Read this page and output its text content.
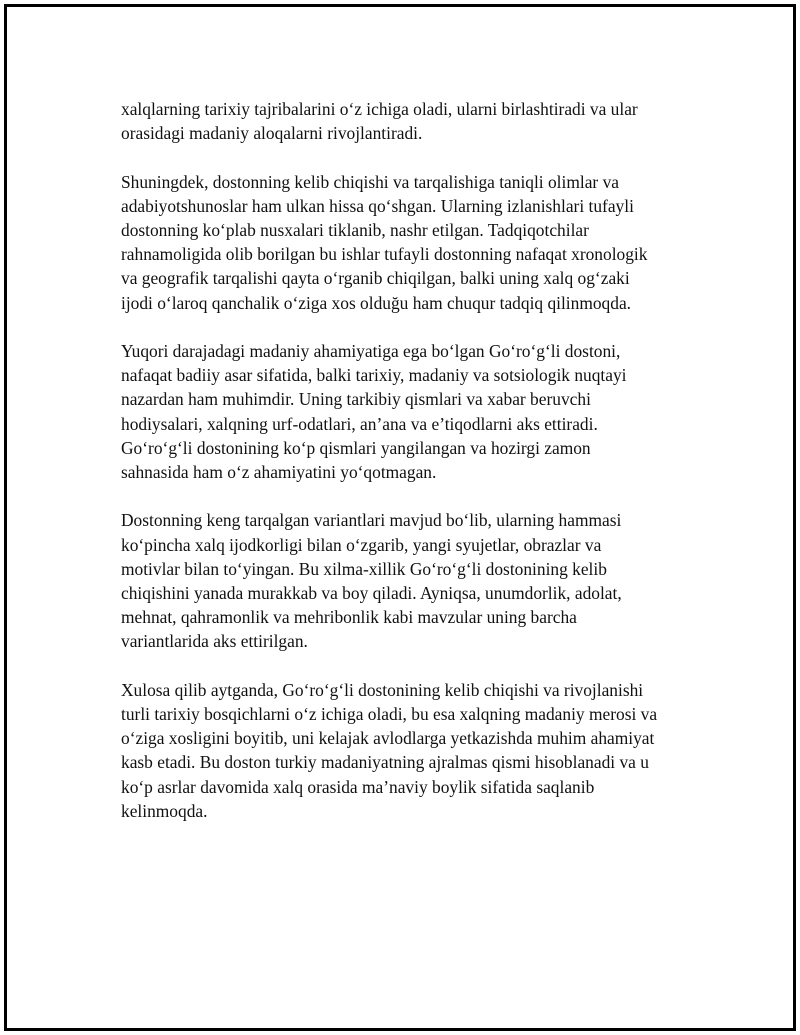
xalqlarning tarixiy tajribalarini o‘z ichiga oladi, ularni birlashtiradi va ular
orasidagi madaniy aloqalarni rivojlantiradi.

Shuningdek, dostonning kelib chiqishi va tarqalishiga taniqli olimlar va
adabiyotshunoslar ham ulkan hissa qo‘shgan. Ularning izlanishlari tufayli
dostonning ko‘plab nusxalari tiklanib, nashr etilgan. Tadqiqotchilar
rahnamoligida olib borilgan bu ishlar tufayli dostonning nafaqat xronologik
va geografik tarqalishi qayta o‘rganib chiqilgan, balki uning xalq og‘zaki
ijodi o‘laroq qanchalik o‘ziga xos olduğu ham chuqur tadqiq qilinmoqda.

Yuqori darajadagi madaniy ahamiyatiga ega bo‘lgan Go‘ro‘g‘li dostoni,
nafaqat badiiy asar sifatida, balki tarixiy, madaniy va sotsiologik nuqtayi
nazardan ham muhimdir. Uning tarkibiy qismlari va xabar beruvchi
hodiysalari, xalqning urf-odatlari, an’ana va e’tiqodlarni aks ettiradi.
Go‘ro‘g‘li dostonining ko‘p qismlari yangilangan va hozirgi zamon
sahnasida ham o‘z ahamiyatini yo‘qotmagan.

Dostonning keng tarqalgan variantlari mavjud bo‘lib, ularning hammasi
ko‘pincha xalq ijodkorligi bilan o‘zgarib, yangi syujetlar, obrazlar va
motivlar bilan to‘yingan. Bu xilma-xillik Go‘ro‘g‘li dostonining kelib
chiqishini yanada murakkab va boy qiladi. Ayniqsa, unumdorlik, adolat,
mehnat, qahramonlik va mehribonlik kabi mavzular uning barcha
variantlarida aks ettirilgan.

Xulosa qilib aytganda, Go‘ro‘g‘li dostonining kelib chiqishi va rivojlanishi
turli tarixiy bosqichlarni o‘z ichiga oladi, bu esa xalqning madaniy merosi va
o‘ziga xosligini boyitib, uni kelajak avlodlarga yetkazishda muhim ahamiyat
kasb etadi. Bu doston turkiy madaniyatning ajralmas qismi hisoblanadi va u
ko‘p asrlar davomida xalq orasida ma’naviy boylik sifatida saqlanib
kelinmoqda.
